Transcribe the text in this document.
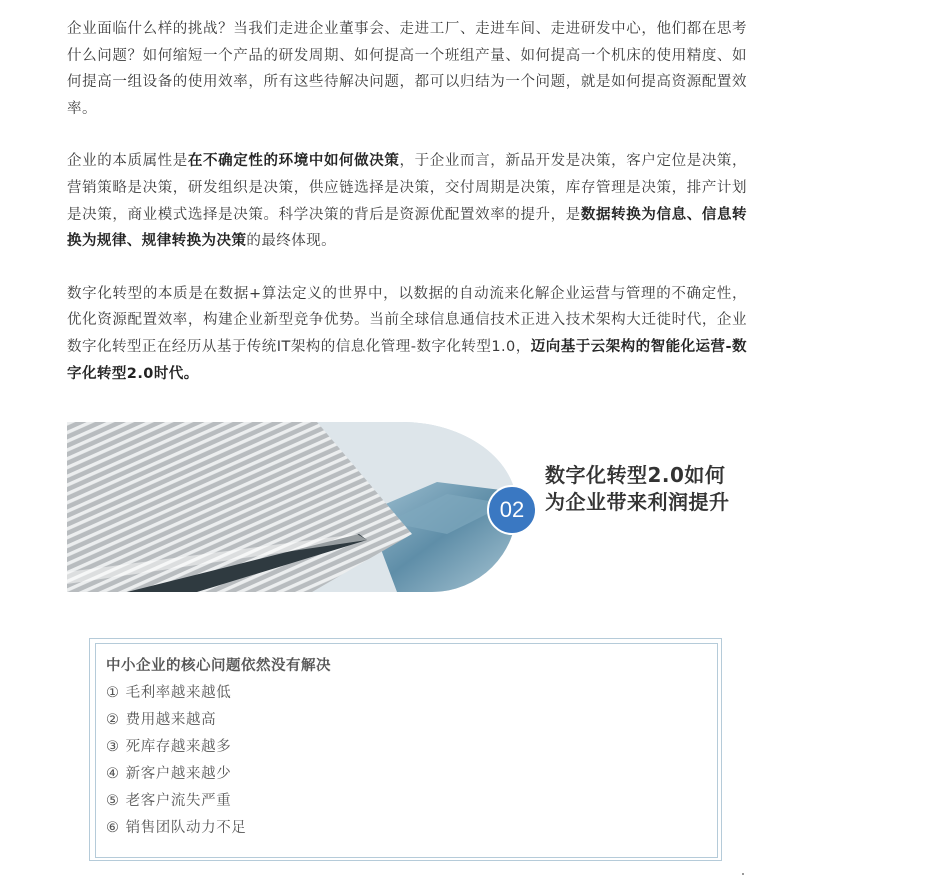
企业面临什么样的挑战？当我们走进企业董事会、走进工厂、走进车间、走进研发中心，他们都在思考什么问题？如何缩短一个产品的研发周期、如何提高一个班组产量、如何提高一个机床的使用精度、如何提高一组设备的使用效率，所有这些待解决问题，都可以归结为一个问题，就是如何提高资源配置效率。

企业的本质属性是在不确定性的环境中如何做决策，于企业而言，新品开发是决策，客户定位是决策，营销策略是决策，研发组织是决策，供应链选择是决策，交付周期是决策，库存管理是决策，排产计划是决策，商业模式选择是决策。科学决策的背后是资源优配置效率的提升，是数据转换为信息、信息转换为规律、规律转换为决策的最终体现。

数字化转型的本质是在数据+算法定义的世界中，以数据的自动流来化解企业运营与管理的不确定性，优化资源配置效率，构建企业新型竞争优势。当前全球信息通信技术正进入技术架构大迁徙时代，企业数字化转型正在经历从基于传统IT架构的信息化管理-数字化转型1.0，迈向基于云架构的智能化运营-数字化转型2.0时代。

02
数字化转型2.0如何
为企业带来利润提升
中小企业的核心问题依然没有解决
① 毛利率越来越低
② 费用越来越高
③ 死库存越来越多
④ 新客户越来越少
⑤ 老客户流失严重
⑥ 销售团队动力不足
